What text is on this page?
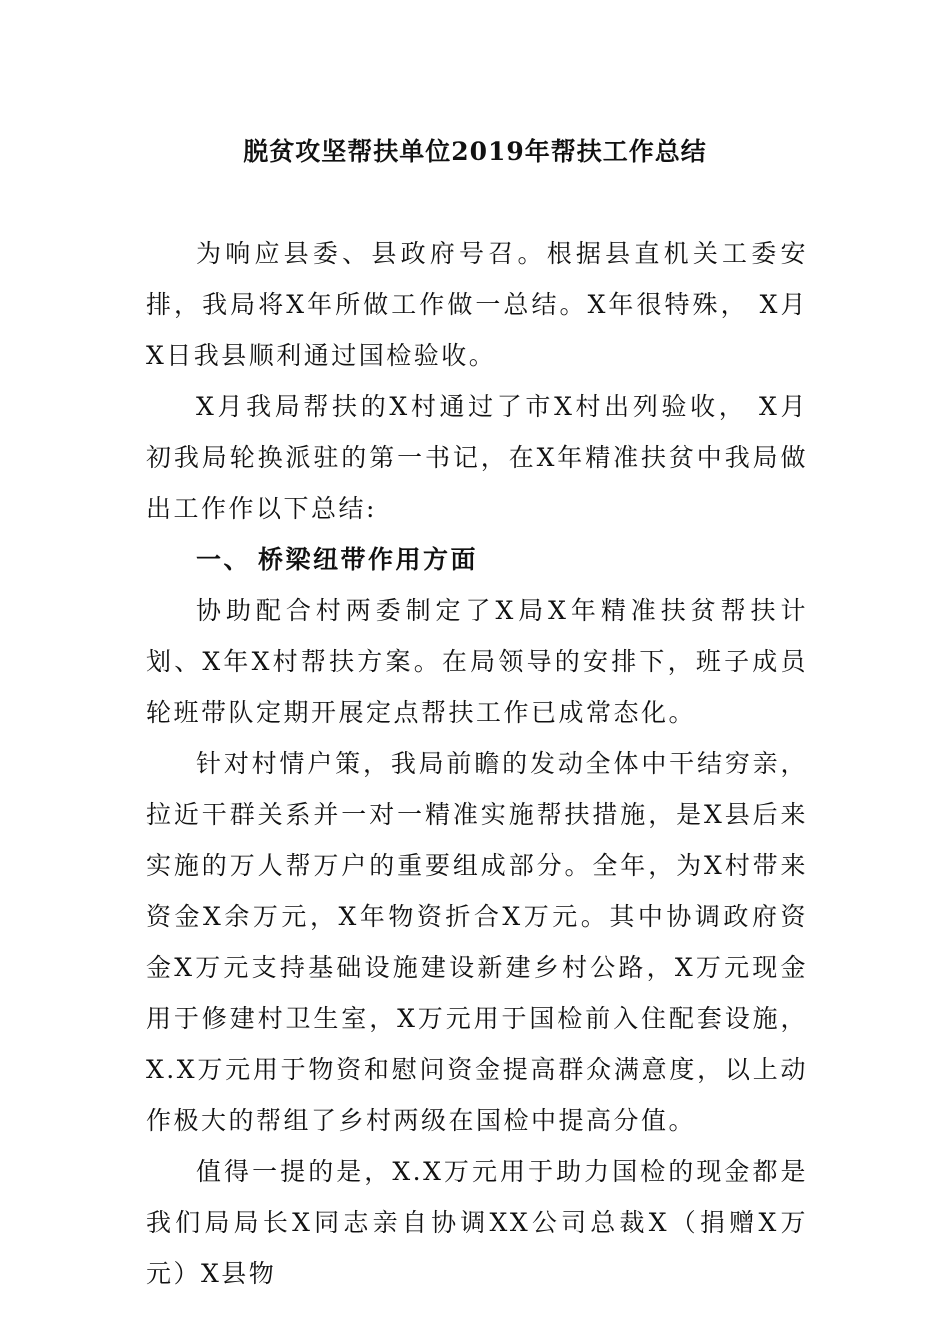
脱贫攻坚帮扶单位2019年帮扶工作总结

为响应县委、县政府号召。根据县直机关工委安排，我局将X年所做工作做一总结。X年很特殊， X月X日我县顺利通过国检验收。

X月我局帮扶的X村通过了市X村出列验收， X月初我局轮换派驻的第一书记，在X年精准扶贫中我局做出工作作以下总结:

一、 桥梁纽带作用方面

协助配合村两委制定了X局X年精准扶贫帮扶计划、X年X村帮扶方案。在局领导的安排下，班子成员轮班带队定期开展定点帮扶工作已成常态化。

针对村情户策，我局前瞻的发动全体中干结穷亲，拉近干群关系并一对一精准实施帮扶措施，是X县后来实施的万人帮万户的重要组成部分。全年，为X村带来资金X余万元，X年物资折合X万元。其中协调政府资金X万元支持基础设施建设新建乡村公路，X万元现金用于修建村卫生室，X万元用于国检前入住配套设施， X.X万元用于物资和慰问资金提高群众满意度，以上动作极大的帮组了乡村两级在国检中提高分值。

值得一提的是，X.X万元用于助力国检的现金都是我们局局长X同志亲自协调XX公司总裁X（捐赠X万元）X县物
